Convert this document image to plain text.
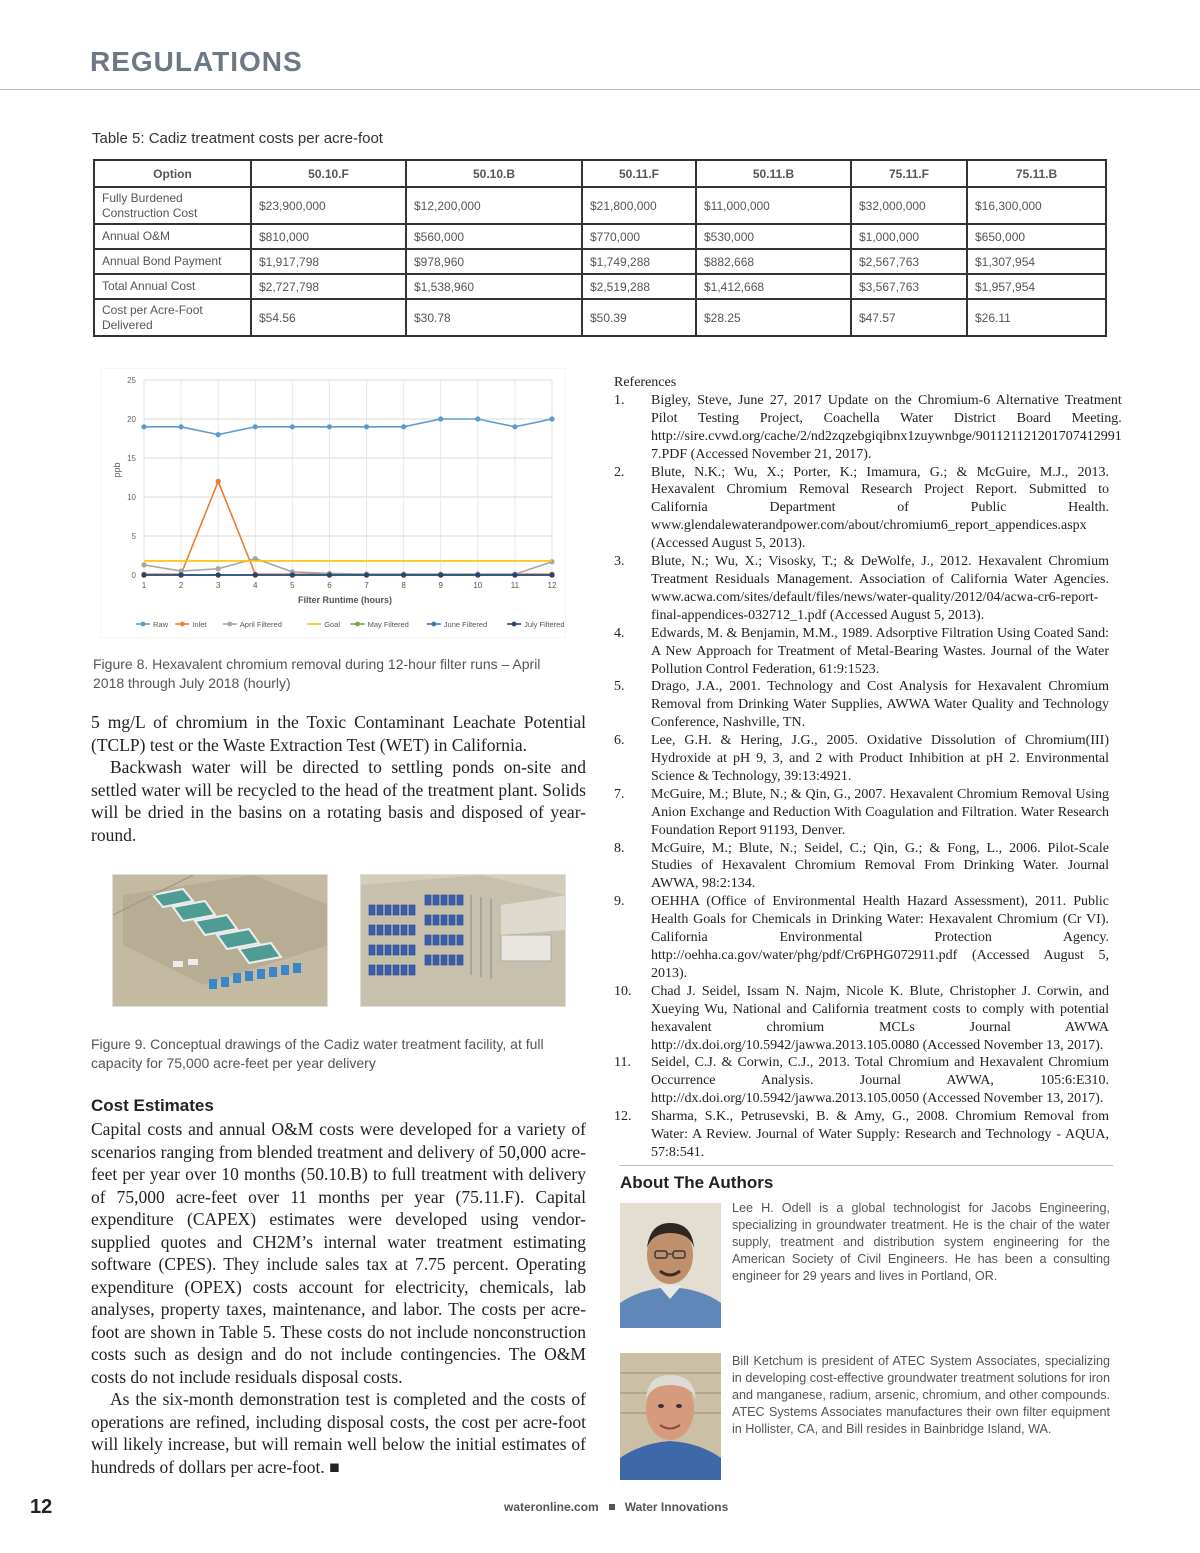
REGULATIONS
Table 5: Cadiz treatment costs per acre-foot
Option	50.10.F	50.10.B	50.11.F	50.11.B	75.11.F	75.11.B
Fully Burdened
Construction Cost	$23,900,000	$12,200,000	$21,800,000	$11,000,000	$32,000,000	$16,300,000
Annual O&M	$810,000	$560,000	$770,000	$530,000	$1,000,000	$650,000
Annual Bond Payment	$1,917,798	$978,960	$1,749,288	$882,668	$2,567,763	$1,307,954
Total Annual Cost	$2,727,798	$1,538,960	$2,519,288	$1,412,668	$3,567,763	$1,957,954
Cost per Acre-Foot
Delivered	$54.56	$30.78	$50.39	$28.25	$47.57	$26.11
0
5
10
15
20
25
1	2	3	4	5	6	7	8	9	10	11	12
Raw	Inlet	April Filtered	Goal	May Filtered	June Filtered	July Filtered
ppb
Filter Runtime (hours)
Figure 8. Hexavalent chromium removal during 12-hour filter runs – April 2018 through July 2018 (hourly)

5 mg/L of chromium in the Toxic Contaminant Leachate Potential (TCLP) test or the Waste Extraction Test (WET) in California.

Backwash water will be directed to settling ponds on-site and settled water will be recycled to the head of the treatment plant. Solids will be dried in the basins on a rotating basis and disposed of year-round.

Figure 9. Conceptual drawings of the Cadiz water treatment facility, at full capacity for 75,000 acre-feet per year delivery
Cost Estimates

Capital costs and annual O&M costs were developed for a variety of scenarios ranging from blended treatment and delivery of 50,000 acre-feet per year over 10 months (50.10.B) to full treatment with delivery of 75,000 acre-feet over 11 months per year (75.11.F). Capital expenditure (CAPEX) estimates were developed using vendor-supplied quotes and CH2M’s internal water treatment estimating software (CPES). They include sales tax at 7.75 percent. Operating expenditure (OPEX) costs account for electricity, chemicals, lab analyses, property taxes, maintenance, and labor. The costs per acre-foot are shown in Table 5. These costs do not include nonconstruction costs such as design and do not include contingencies. The O&M costs do not include residuals disposal costs.

As the six-month demonstration test is completed and the costs of operations are refined, including disposal costs, the cost per acre-foot will likely increase, but will remain well below the initial estimates of hundreds of dollars per acre-foot. ■

References
1.	Bigley, Steve, June 27, 2017 Update on the Chromium-6 Alternative Treatment Pilot Testing Project, Coachella Water District Board Meeting. http://sire.cvwd.org/cache/2/nd2zqzebgiqibnx1zuywnbge/901121121201707412991 7.PDF (Accessed November 21, 2017).
2.	Blute, N.K.; Wu, X.; Porter, K.; Imamura, G.; & McGuire, M.J., 2013. Hexavalent Chromium Removal Research Project Report. Submitted to California Department of Public Health. www.glendalewaterandpower.com/about/chromium6_report_appendices.aspx (Accessed August 5, 2013).
3.	Blute, N.; Wu, X.; Visosky, T.; & DeWolfe, J., 2012. Hexavalent Chromium Treatment Residuals Management. Association of California Water Agencies. www.acwa.com/sites/default/files/news/water-quality/2012/04/acwa-cr6-report-final-appendices-032712_1.pdf (Accessed August 5, 2013).
4.	Edwards, M. & Benjamin, M.M., 1989. Adsorptive Filtration Using Coated Sand: A New Approach for Treatment of Metal-Bearing Wastes. Journal of the Water Pollution Control Federation, 61:9:1523.
5.	Drago, J.A., 2001. Technology and Cost Analysis for Hexavalent Chromium Removal from Drinking Water Supplies, AWWA Water Quality and Technology Conference, Nashville, TN.
6.	Lee, G.H. & Hering, J.G., 2005. Oxidative Dissolution of Chromium(III) Hydroxide at pH 9, 3, and 2 with Product Inhibition at pH 2. Environmental Science & Technology, 39:13:4921.
7.	McGuire, M.; Blute, N.; & Qin, G., 2007. Hexavalent Chromium Removal Using Anion Exchange and Reduction With Coagulation and Filtration. Water Research Foundation Report 91193, Denver.
8.	McGuire, M.; Blute, N.; Seidel, C.; Qin, G.; & Fong, L., 2006. Pilot-Scale Studies of Hexavalent Chromium Removal From Drinking Water. Journal AWWA, 98:2:134.
9.	OEHHA (Office of Environmental Health Hazard Assessment), 2011. Public Health Goals for Chemicals in Drinking Water: Hexavalent Chromium (Cr VI). California Environmental Protection Agency. http://oehha.ca.gov/water/phg/pdf/Cr6PHG072911.pdf (Accessed August 5, 2013).
10.	Chad J. Seidel, Issam N. Najm, Nicole K. Blute, Christopher J. Corwin, and Xueying Wu, National and California treatment costs to comply with potential hexavalent chromium MCLs Journal AWWA http://dx.doi.org/10.5942/jawwa.2013.105.0080 (Accessed November 13, 2017).
11.	Seidel, C.J. & Corwin, C.J., 2013. Total Chromium and Hexavalent Chromium Occurrence Analysis. Journal AWWA, 105:6:E310. http://dx.doi.org/10.5942/jawwa.2013.105.0050 (Accessed November 13, 2017).
12.	Sharma, S.K., Petrusevski, B. & Amy, G., 2008. Chromium Removal from Water: A Review. Journal of Water Supply: Research and Technology - AQUA, 57:8:541.
About The Authors
Lee H. Odell is a global technologist for Jacobs Engineering, specializing in groundwater treatment. He is the chair of the water supply, treatment and distribution system engineering for the American Society of Civil Engineers. He has been a consulting engineer for 29 years and lives in Portland, OR.
Bill Ketchum is president of ATEC System Associates, specializing in developing cost-effective groundwater treatment solutions for iron and manganese, radium, arsenic, chromium, and other compounds. ATEC Systems Associates manufactures their own filter equipment in Hollister, CA, and Bill resides in Bainbridge Island, WA.
12	wateronline.com Water Innovations
